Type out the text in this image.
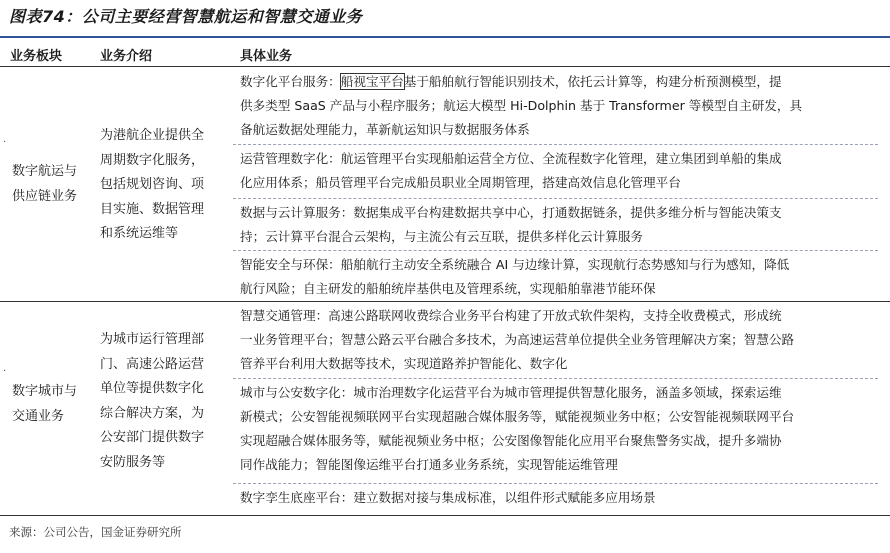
图表74：公司主要经营智慧航运和智慧交通业务
业务板块	业务介绍	具体业务
·
数字航运与
供应链业务
为港航企业提供全
周期数字化服务，
包括规划咨询、项
目实施、数据管理
和系统运维等
数字化平台服务：船视宝平台基于船舶航行智能识别技术，依托云计算等，构建分析预测模型，提
供多类型 SaaS 产品与小程序服务；航运大模型 Hi-Dolphin 基于 Transformer 等模型自主研发，具
备航运数据处理能力，革新航运知识与数据服务体系
运营管理数字化：航运管理平台实现船舶运营全方位、全流程数字化管理，建立集团到单船的集成
化应用体系；船员管理平台完成船员职业全周期管理，搭建高效信息化管理平台
数据与云计算服务：数据集成平台构建数据共享中心，打通数据链条，提供多维分析与智能决策支
持；云计算平台混合云架构，与主流公有云互联，提供多样化云计算服务
智能安全与环保：船舶航行主动安全系统融合 AI 与边缘计算，实现航行态势感知与行为感知，降低
航行风险；自主研发的船舶统岸基供电及管理系统，实现船舶靠港节能环保
·
数字城市与
交通业务
为城市运行管理部
门、高速公路运营
单位等提供数字化
综合解决方案，为
公安部门提供数字
安防服务等
智慧交通管理：高速公路联网收费综合业务平台构建了开放式软件架构，支持全收费模式，形成统
一业务管理平台；智慧公路云平台融合多技术，为高速运营单位提供全业务管理解决方案；智慧公路
管养平台利用大数据等技术，实现道路养护智能化、数字化
城市与公安数字化：城市治理数字化运营平台为城市管理提供智慧化服务，涵盖多领域，探索运维
新模式；公安智能视频联网平台实现超融合媒体服务等，赋能视频业务中枢；公安智能视频联网平台
实现超融合媒体服务等，赋能视频业务中枢；公安图像智能化应用平台聚焦警务实战，提升多端协
同作战能力；智能图像运维平台打通多业务系统，实现智能运维管理
数字孪生底座平台：建立数据对接与集成标准，以组件形式赋能多应用场景
来源：公司公告，国金证券研究所
